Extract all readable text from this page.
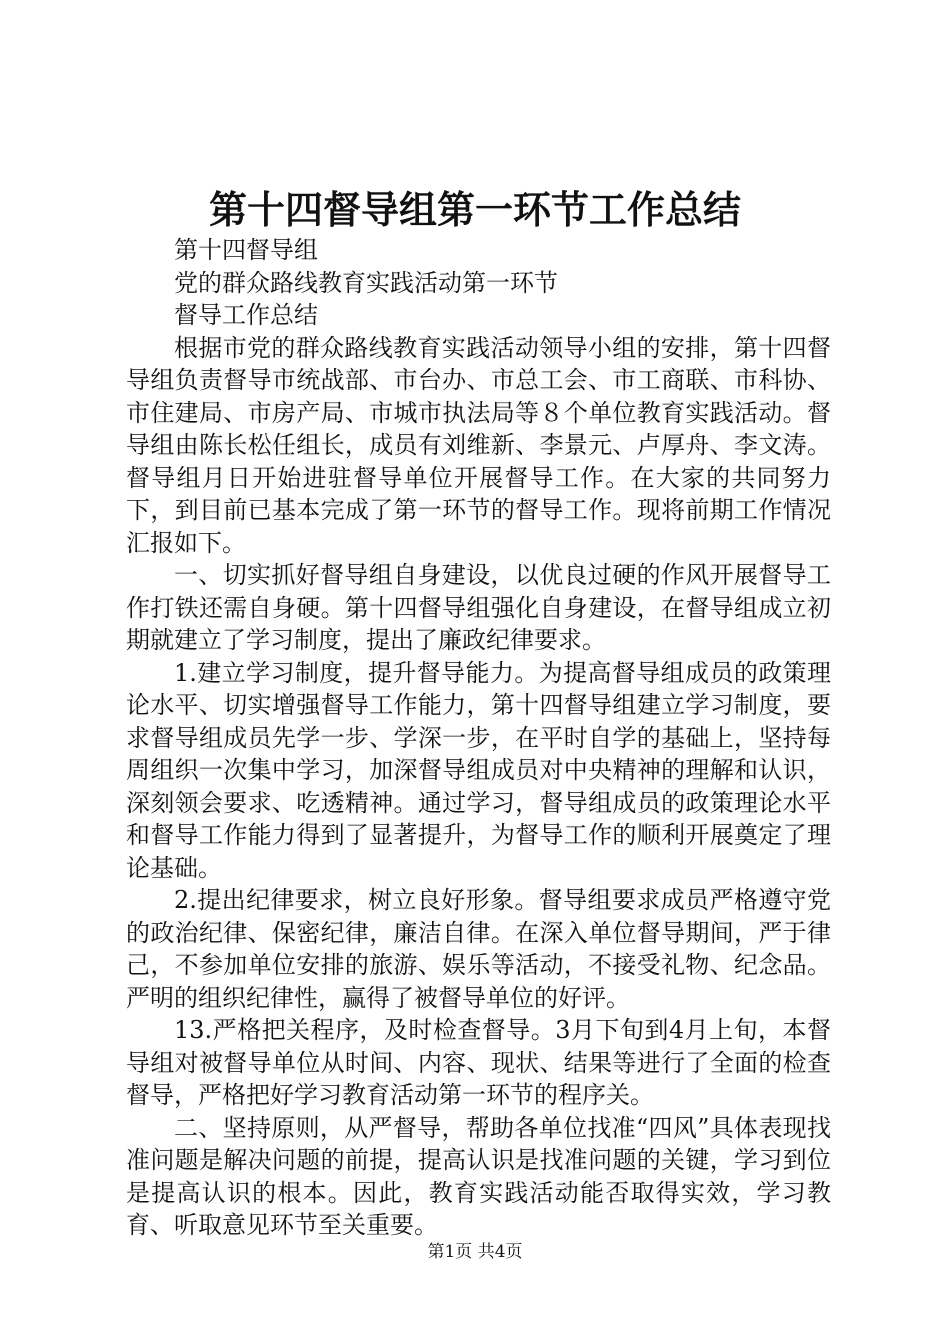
第十四督导组第一环节工作总结

第十四督导组

党的群众路线教育实践活动第一环节

督导工作总结

根据市党的群众路线教育实践活动领导小组的安排，第十四督导组负责督导市统战部、市台办、市总工会、市工商联、市科协、市住建局、市房产局、市城市执法局等８个单位教育实践活动。督导组由陈长松任组长，成员有刘维新、李景元、卢厚舟、李文涛。督导组月日开始进驻督导单位开展督导工作。在大家的共同努力下，到目前已基本完成了第一环节的督导工作。现将前期工作情况汇报如下。

一、切实抓好督导组自身建设，以优良过硬的作风开展督导工作打铁还需自身硬。第十四督导组强化自身建设，在督导组成立初期就建立了学习制度，提出了廉政纪律要求。

1.建立学习制度，提升督导能力。为提高督导组成员的政策理论水平、切实增强督导工作能力，第十四督导组建立学习制度，要求督导组成员先学一步、学深一步，在平时自学的基础上，坚持每周组织一次集中学习，加深督导组成员对中央精神的理解和认识，深刻领会要求、吃透精神。通过学习，督导组成员的政策理论水平和督导工作能力得到了显著提升，为督导工作的顺利开展奠定了理论基础。

2.提出纪律要求，树立良好形象。督导组要求成员严格遵守党的政治纪律、保密纪律，廉洁自律。在深入单位督导期间，严于律己，不参加单位安排的旅游、娱乐等活动，不接受礼物、纪念品。严明的组织纪律性，赢得了被督导单位的好评。

13.严格把关程序，及时检查督导。3月下旬到4月上旬，本督导组对被督导单位从时间、内容、现状、结果等进行了全面的检查督导，严格把好学习教育活动第一环节的程序关。

二、坚持原则，从严督导，帮助各单位找准“四风”具体表现找准问题是解决问题的前提，提高认识是找准问题的关键，学习到位是提高认识的根本。因此，教育实践活动能否取得实效，学习教育、听取意见环节至关重要。

第1页 共4页
